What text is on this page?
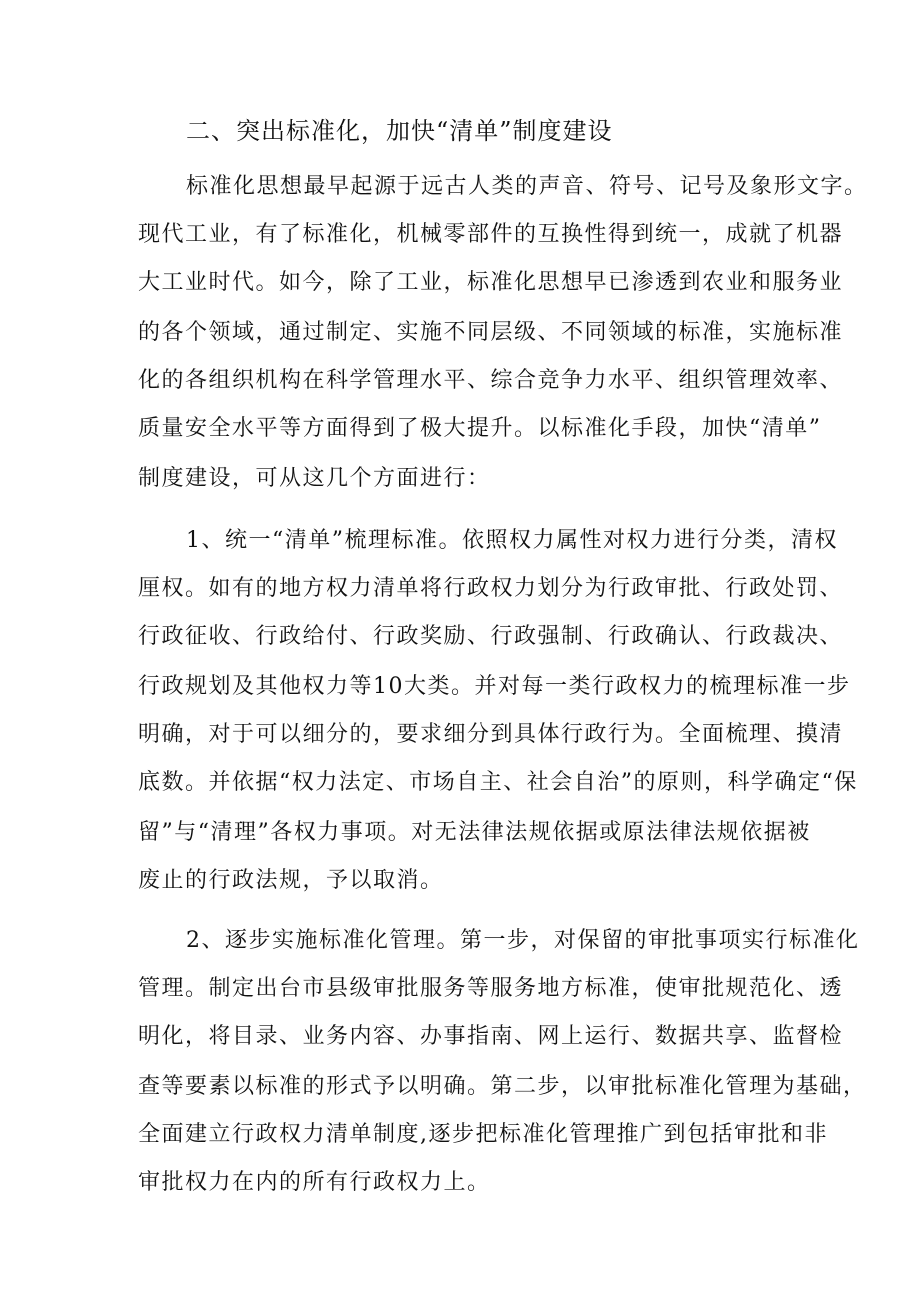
二、突出标准化，加快“清单”制度建设
标准化思想最早起源于远古人类的声音、符号、记号及象形文字。
现代工业，有了标准化，机械零部件的互换性得到统一，成就了机器
大工业时代。如今，除了工业，标准化思想早已渗透到农业和服务业
的各个领域，通过制定、实施不同层级、不同领域的标准，实施标准
化的各组织机构在科学管理水平、综合竞争力水平、组织管理效率、
质量安全水平等方面得到了极大提升。以标准化手段，加快“清单”
制度建设，可从这几个方面进行：
1、统一“清单”梳理标准。依照权力属性对权力进行分类，清权
厘权。如有的地方权力清单将行政权力划分为行政审批、行政处罚、
行政征收、行政给付、行政奖励、行政强制、行政确认、行政裁决、
行政规划及其他权力等10大类。并对每一类行政权力的梳理标准一步
明确，对于可以细分的，要求细分到具体行政行为。全面梳理、摸清
底数。并依据“权力法定、市场自主、社会自治”的原则，科学确定“保
留”与“清理”各权力事项。对无法律法规依据或原法律法规依据被
废止的行政法规，予以取消。
2、逐步实施标准化管理。第一步，对保留的审批事项实行标准化
管理。制定出台市县级审批服务等服务地方标准，使审批规范化、透
明化，将目录、业务内容、办事指南、网上运行、数据共享、监督检
查等要素以标准的形式予以明确。第二步，以审批标准化管理为基础，
全面建立行政权力清单制度,逐步把标准化管理推广到包括审批和非
审批权力在内的所有行政权力上。
